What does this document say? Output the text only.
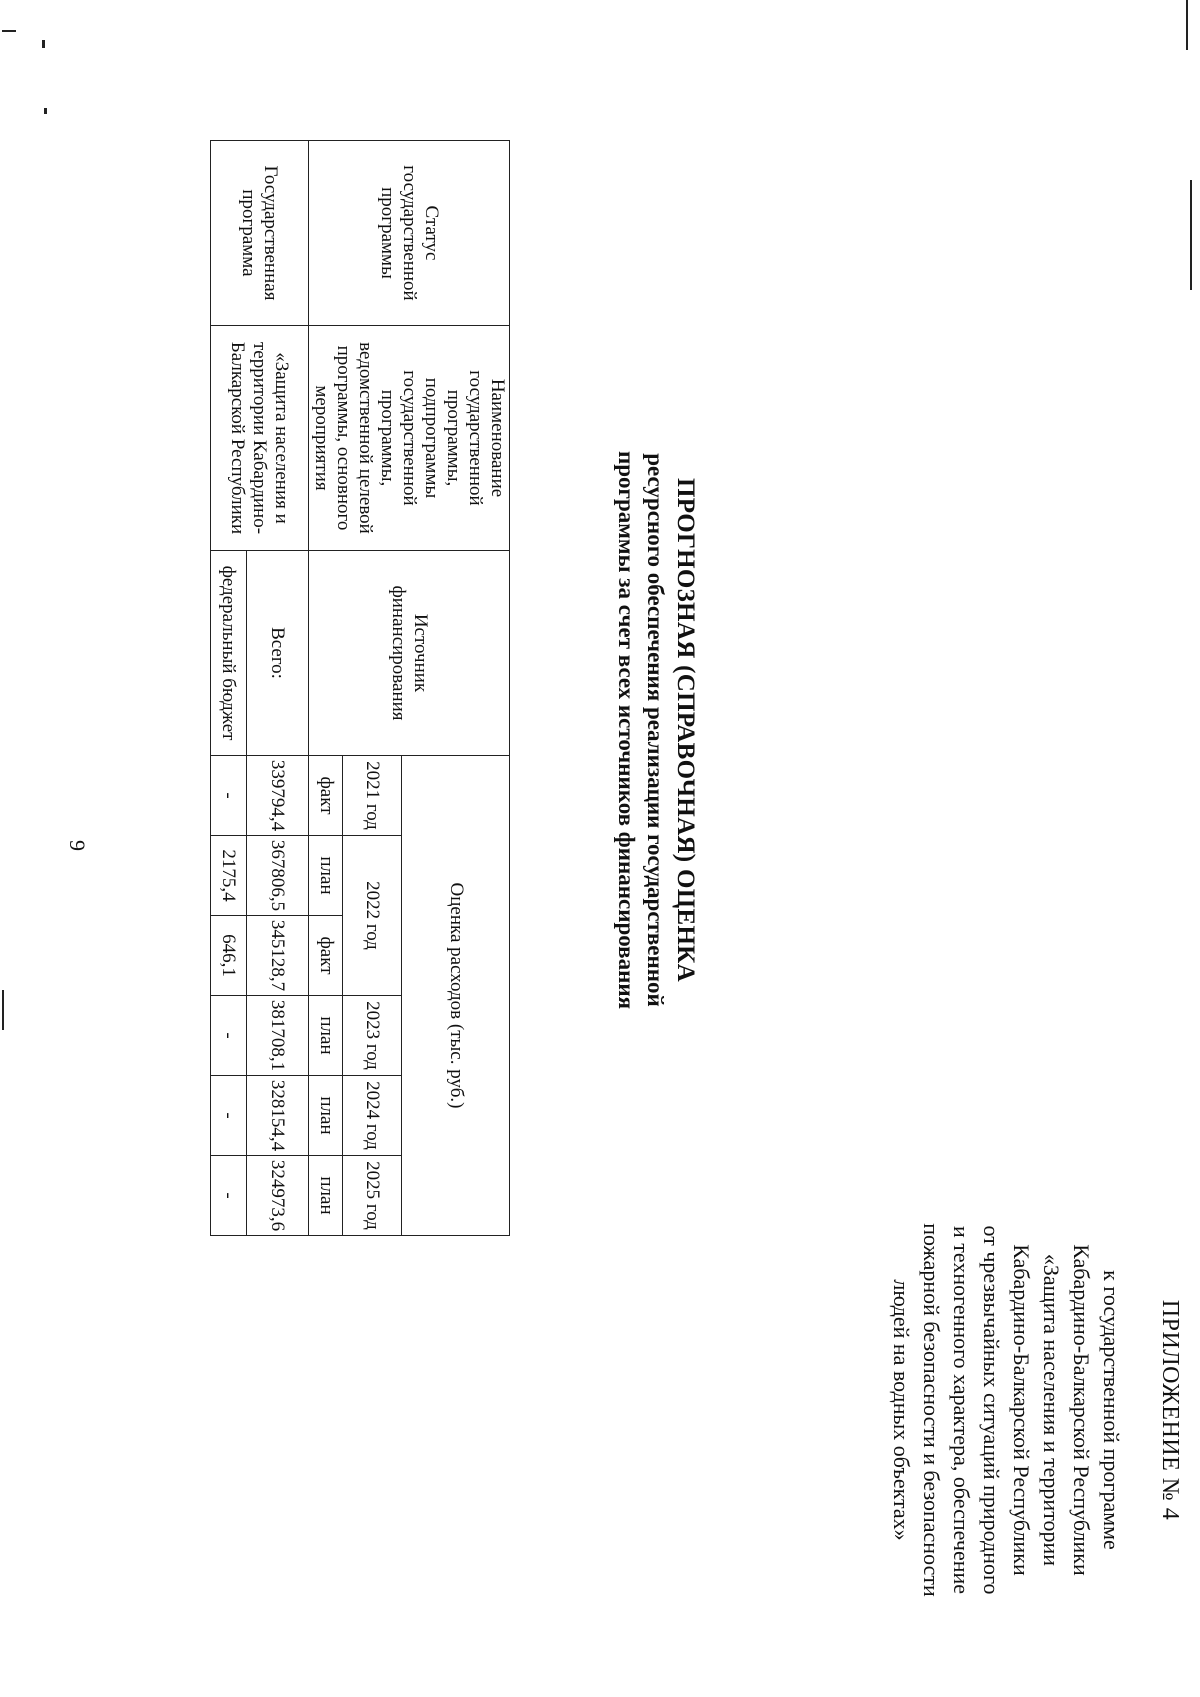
9
ПРИЛОЖЕНИЕ № 4
к государственной программе
Кабардино-Балкарской Республики
«Защита населения и территории
Кабардино-Балкарской Республики
от чрезвычайных ситуаций природного
и техногенного характера, обеспечение
пожарной безопасности и безопасности
людей на водных объектах»
ПРОГНОЗНАЯ (СПРАВОЧНАЯ) ОЦЕНКА
ресурсного обеспечения реализации государственной
программы за счет всех источников финансирования
Статус государственной программы	Наименование государственной программы, подпрограммы государственной программы, ведомственной целевой программы, основного мероприятия	Источник финансирования	Оценка расходов (тыс. руб.)					
			2021 год	2022 год		2023 год	2024 год	2025 год
			факт	план	факт	план	план	план
Государственная программа	«Защита населения и территории Кабардино-Балкарской Республики	Всего:	339794,4	367806,5	345128,7	381708,1	328154,4	324973,6
		федеральный бюджет	-	2175,4	646,1	-	-	-
